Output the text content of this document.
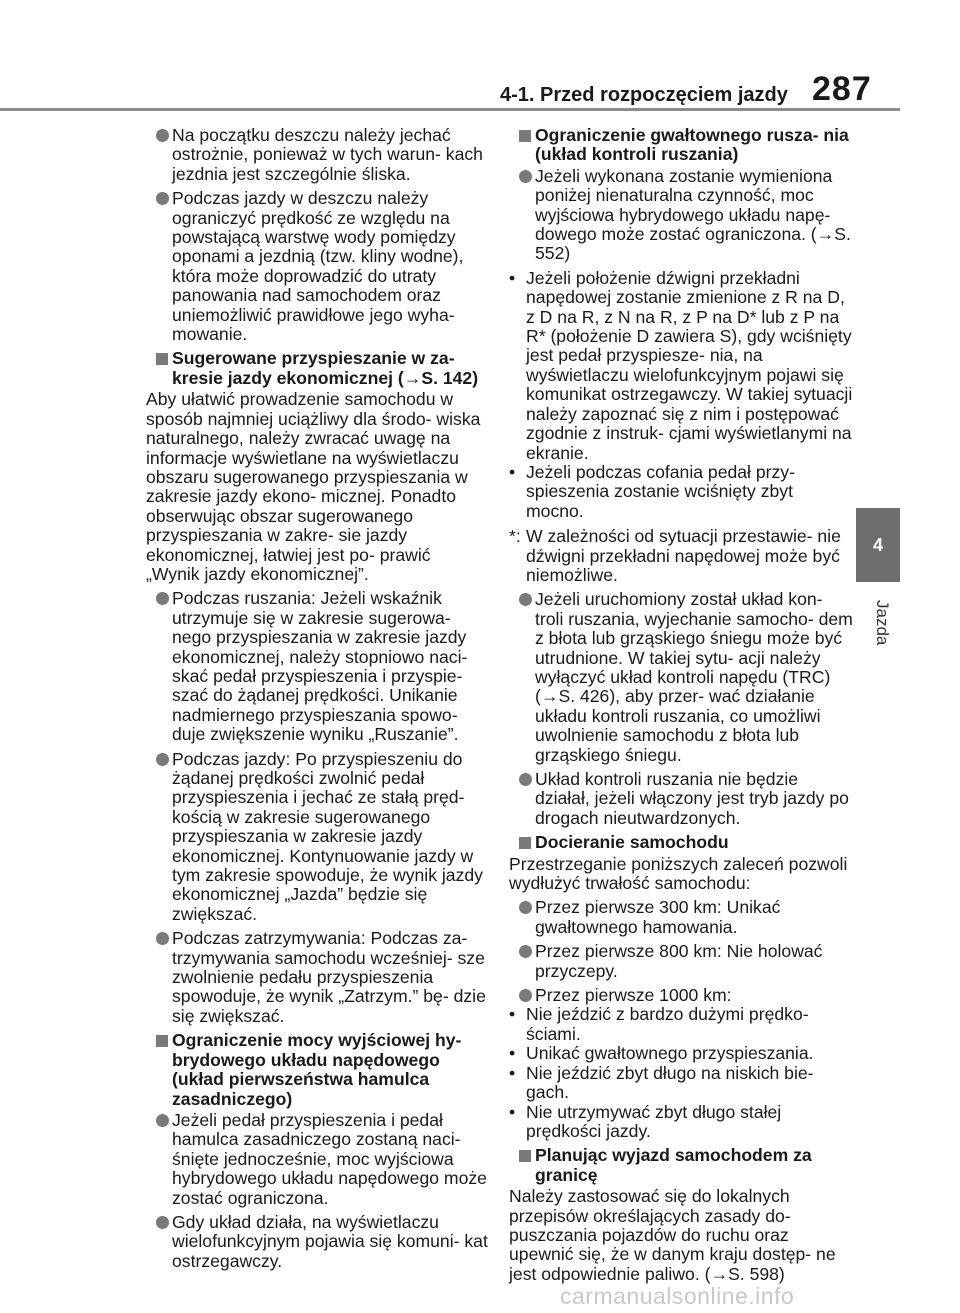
4-1. Przed rozpoczęciem jazdy 287
4
Jazda
Na początku deszczu należy jechać ostrożnie, ponieważ w tych warun- kach jezdnia jest szczególnie śliska.
Podczas jazdy w deszczu należy ograniczyć prędkość ze względu na powstającą warstwę wody pomiędzy oponami a jezdnią (tzw. kliny wodne), która może doprowadzić do utraty panowania nad samochodem oraz uniemożliwić prawidłowe jego wyha- mowanie.
Sugerowane przyspieszanie w za- kresie jazdy ekonomicznej (→S. 142)
Aby ułatwić prowadzenie samochodu w sposób najmniej uciążliwy dla środo- wiska naturalnego, należy zwracać uwagę na informacje wyświetlane na wyświetlaczu obszaru sugerowanego przyspieszania w zakresie jazdy ekono- micznej. Ponadto obserwując obszar sugerowanego przyspieszania w zakre- sie jazdy ekonomicznej, łatwiej jest po- prawić „Wynik jazdy ekonomicznej”.
Podczas ruszania: Jeżeli wskaźnik utrzymuje się w zakresie sugerowa- nego przyspieszania w zakresie jazdy ekonomicznej, należy stopniowo naci- skać pedał przyspieszenia i przyspie- szać do żądanej prędkości. Unikanie nadmiernego przyspieszania spowo- duje zwiększenie wyniku „Ruszanie”.
Podczas jazdy: Po przyspieszeniu do żądanej prędkości zwolnić pedał przyspieszenia i jechać ze stałą pręd- kością w zakresie sugerowanego przyspieszania w zakresie jazdy ekonomicznej. Kontynuowanie jazdy w tym zakresie spowoduje, że wynik jazdy ekonomicznej „Jazda” będzie się zwiększać.
Podczas zatrzymywania: Podczas za- trzymywania samochodu wcześniej- sze zwolnienie pedału przyspieszenia spowoduje, że wynik „Zatrzym.” bę- dzie się zwiększać.
Ograniczenie mocy wyjściowej hy- brydowego układu napędowego (układ pierwszeństwa hamulca zasadniczego)
Jeżeli pedał przyspieszenia i pedał hamulca zasadniczego zostaną naci- śnięte jednocześnie, moc wyjściowa hybrydowego układu napędowego może zostać ograniczona.
Gdy układ działa, na wyświetlaczu wielofunkcyjnym pojawia się komuni- kat ostrzegawczy.
Ograniczenie gwałtownego rusza- nia (układ kontroli ruszania)
Jeżeli wykonana zostanie wymieniona poniżej nienaturalna czynność, moc wyjściowa hybrydowego układu napę- dowego może zostać ograniczona. (→S. 552)
• Jeżeli położenie dźwigni przekładni napędowej zostanie zmienione z R na D, z D na R, z N na R, z P na D* lub z P na R* (położenie D zawiera S), gdy wciśnięty jest pedał przyspiesze- nia, na wyświetlaczu wielofunkcyjnym pojawi się komunikat ostrzegawczy. W takiej sytuacji należy zapoznać się z nim i postępować zgodnie z instruk- cjami wyświetlanymi na ekranie.
• Jeżeli podczas cofania pedał przy- spieszenia zostanie wciśnięty zbyt mocno.
*: W zależności od sytuacji przestawie- nie dźwigni przekładni napędowej może być niemożliwe.
Jeżeli uruchomiony został układ kon- troli ruszania, wyjechanie samocho- dem z błota lub grząskiego śniegu może być utrudnione. W takiej sytu- acji należy wyłączyć układ kontroli napędu (TRC) (→S. 426), aby przer- wać działanie układu kontroli ruszania, co umożliwi uwolnienie samochodu z błota lub grząskiego śniegu.
Układ kontroli ruszania nie będzie działał, jeżeli włączony jest tryb jazdy po drogach nieutwardzonych.
Docieranie samochodu
Przestrzeganie poniższych zaleceń pozwoli wydłużyć trwałość samochodu:
Przez pierwsze 300 km: Unikać gwałtownego hamowania.
Przez pierwsze 800 km: Nie holować przyczepy.
Przez pierwsze 1000 km:
• Nie jeździć z bardzo dużymi prędko- ściami.
• Unikać gwałtownego przyspieszania.
• Nie jeździć zbyt długo na niskich bie- gach.
• Nie utrzymywać zbyt długo stałej prędkości jazdy.
Planując wyjazd samochodem za granicę
Należy zastosować się do lokalnych przepisów określających zasady do- puszczania pojazdów do ruchu oraz upewnić się, że w danym kraju dostęp- ne jest odpowiednie paliwo. (→S. 598)
carmanualsonline.info
